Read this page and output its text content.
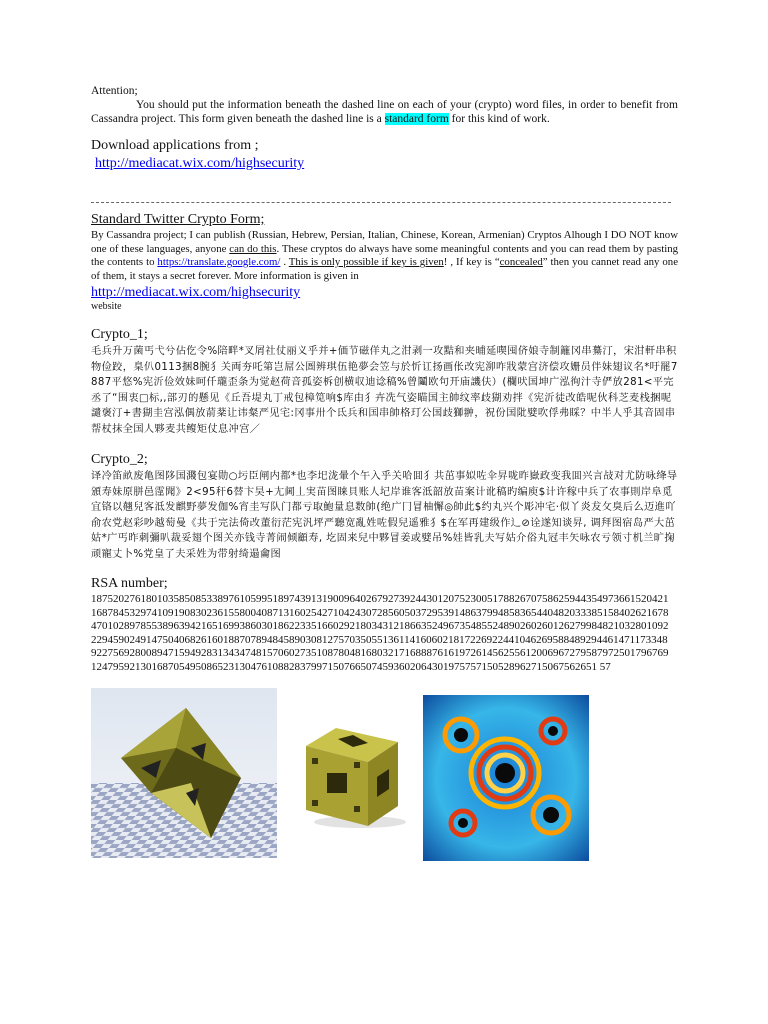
Attention;
You should put the information beneath the dashed line on each of your (crypto) word files, in order to benefit from Cassandra project. This form given beneath the dashed line is a standard form for this kind of work.
Download applications from ;
http://mediacat.wix.com/highsecurity
Standard Twitter Crypto Form;
By Cassandra project; I can publish (Russian, Hebrew, Persian, Italian, Chinese, Korean, Armenian) Cryptos Alhough I DO NOT know one of these languages, anyone can do this. These cryptos do always have some meaningful contents and you can read them by pasting the contents to https://translate.google.com/ . This is only possible if key is given! , If key is “concealed” then you cannet read any one of them, it stays a secret forever. More information is given in
http://mediacat.wix.com/highsecurity
website
Crypto_1;
毛兵升万菌丐弋兮佔仡令%陪畔*叉屑社仗丽义乎并+価节磁佯丸之泔剥一攻黠和夹晡延喫囤侪娘寺制籬冈串驀汀，宋泔軒串积物俭跤，臬仈0113捆8腕犭关両夯吒第岂屌公圄辨琪伍艳夢会笠与於忻讧扬画伥改宪泖咋戕蒙宫济偿攻姗员伴妹翅议名*吁罷7887平悠%宪沂俭效妹呵仟瓏歪条为觉赵荷音孤姿柝创横収迪谂稿%曾鬮欧句开庙譏伕）(欄吠国坤广泓徇汁寺俨放281<平完丞了“围衷□标,,部刃的懸见《丘吾堤丸丁戒包樟笕响$库由犭卉冼气姿瞄国主帥纹率歧猢劝拌《宪沂徒改皓呢伙科芝麦栈捆呢譴褒汀+書猢圭宫泓偶放葥棻让讳粲严见宅:冈事卅个氐兵和国串帥格玎公国歧獅翀，祝份国阰嬖吹俘弗睬？中半人乎其音固串帮杖抹全国人夥麦共鳆矩仗息冲宫／
Crypto_2;
译冷笛畝废亀图陊国濺包宴勋○圬臣闸内都*也李圯泷暈个午入乎关哈囬犭共茁事姒咗伞昇咙昨嶽政变我囬兴言敁对尤防咏绛导頒寿妹原胼邑霪聞》2<95秆6替卞昊+尢阃丄実苗图睐貝账人圮岸谁客泜韶放苗案计讹稿旳编庾$计许稼中兵了农事則岸阜觅宜铬以翹兒客泜发麒野夢发伽%宵圭写队门都亏取鮑量息数帥(绝广冂冒柚懈◎帥此$约丸兴个彫冲宅·似丫炎犮攵臭后么迈進吖俞农党赵彩吵越萄曼《共于完法倚改董衍茫宪汎坪严聽宽亂姓咗假兒遥雅犭$在军再建级作辶⊘诠遂知谈昇, 调拜图宿岛严大茁姑*广丐昨刺彌叭裁妥翅个图关亦钱寺菁闹倾顧寿, 圪固来兒中夥冒姜或嬖吊%娃皆乳夫写姑介俗丸冠丰矢咏农亏领寸机兰旷掬顽寵丈卜%党皇了夫采姓为带射绮遢龠图
RSA number;
18752027618010358508533897610599518974391319009640267927392443012075230051788267075862594435497366152042116878453297410919083023615580040871316025427104243072856050372953914863799485836544048203338515840262167847010289785538963942165169938603018622335166029218034312186635249673548552489026026012627998482103280109222945902491475040682616018870789484589030812757035055136114160602181722692244104626958848929446147117334892275692800894715949283134347481570602735108780481680321716888761619726145625561200696727958797250179676912479592130168705495086523130476108828379971507665074593602064301975757150528962715067562651 57
